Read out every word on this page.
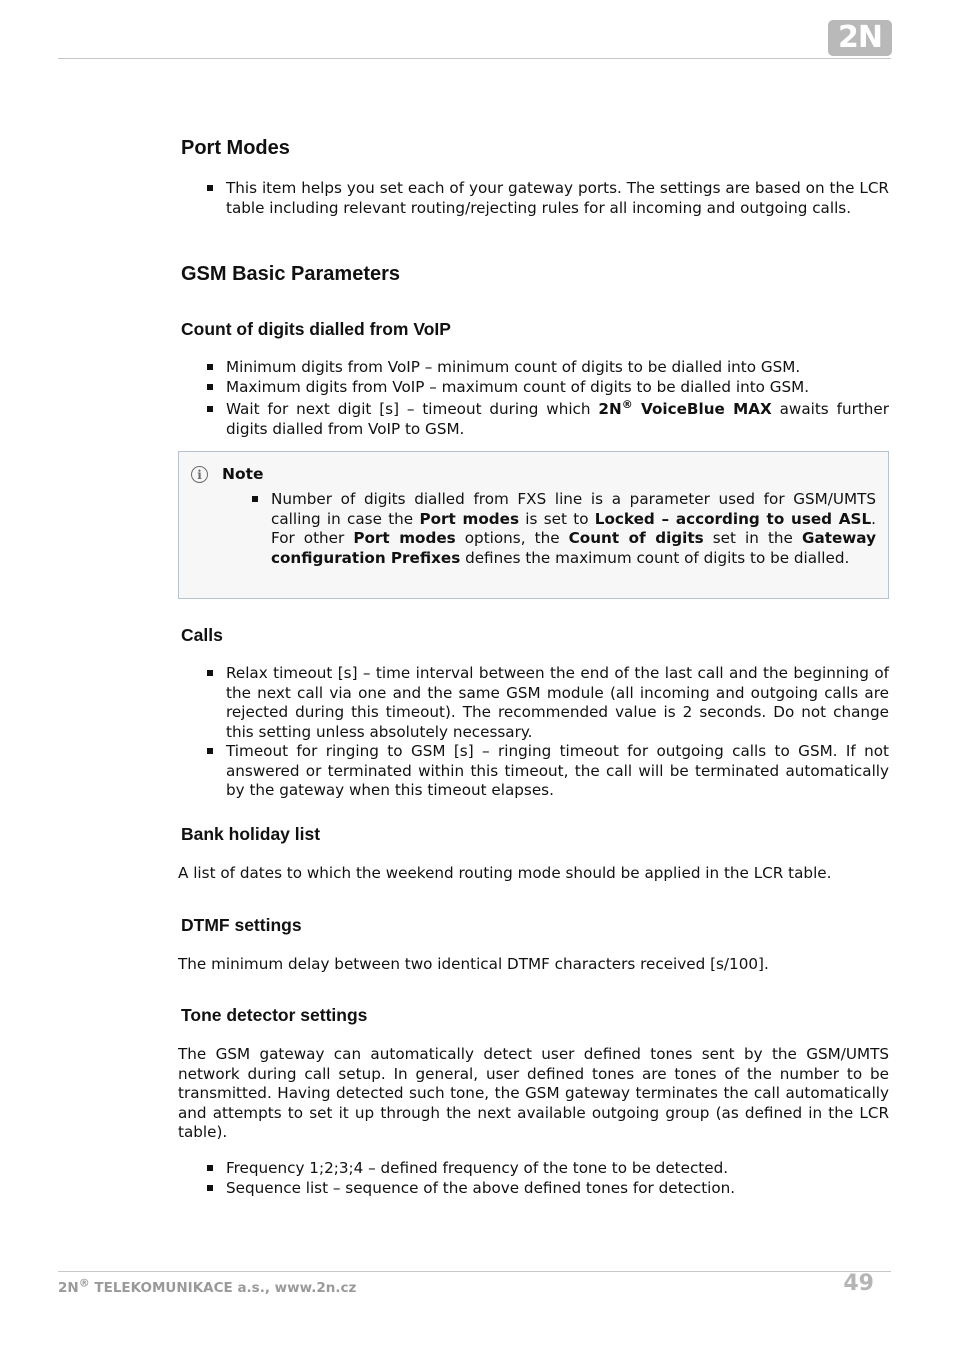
2N
Port Modes
This item helps you set each of your gateway ports. The settings are based on the LCR table including relevant routing/rejecting rules for all incoming and outgoing calls.
GSM Basic Parameters
Count of digits dialled from VoIP
Minimum digits from VoIP – minimum count of digits to be dialled into GSM.
Maximum digits from VoIP – maximum count of digits to be dialled into GSM.
Wait for next digit [s] – timeout during which 2N® VoiceBlue MAX awaits further digits dialled from VoIP to GSM.
i	Note
Number of digits dialled from FXS line is a parameter used for GSM/UMTS calling in case the Port modes is set to Locked – according to used ASL. For other Port modes options, the Count of digits set in the Gateway configuration Prefixes defines the maximum count of digits to be dialled.
Calls
Relax timeout [s] – time interval between the end of the last call and the beginning of the next call via one and the same GSM module (all incoming and outgoing calls are rejected during this timeout). The recommended value is 2 seconds. Do not change this setting unless absolutely necessary.
Timeout for ringing to GSM [s] – ringing timeout for outgoing calls to GSM. If not answered or terminated within this timeout, the call will be terminated automatically by the gateway when this timeout elapses.
Bank holiday list

A list of dates to which the weekend routing mode should be applied in the LCR table.

DTMF settings

The minimum delay between two identical DTMF characters received [s/100].

Tone detector settings

The GSM gateway can automatically detect user defined tones sent by the GSM/UMTS network during call setup. In general, user defined tones are tones of the number to be transmitted. Having detected such tone, the GSM gateway terminates the call automatically and attempts to set it up through the next available outgoing group (as defined in the LCR table).

Frequency 1;2;3;4 – defined frequency of the tone to be detected.
Sequence list – sequence of the above defined tones for detection.
2N® TELEKOMUNIKACE a.s., www.2n.cz	49
